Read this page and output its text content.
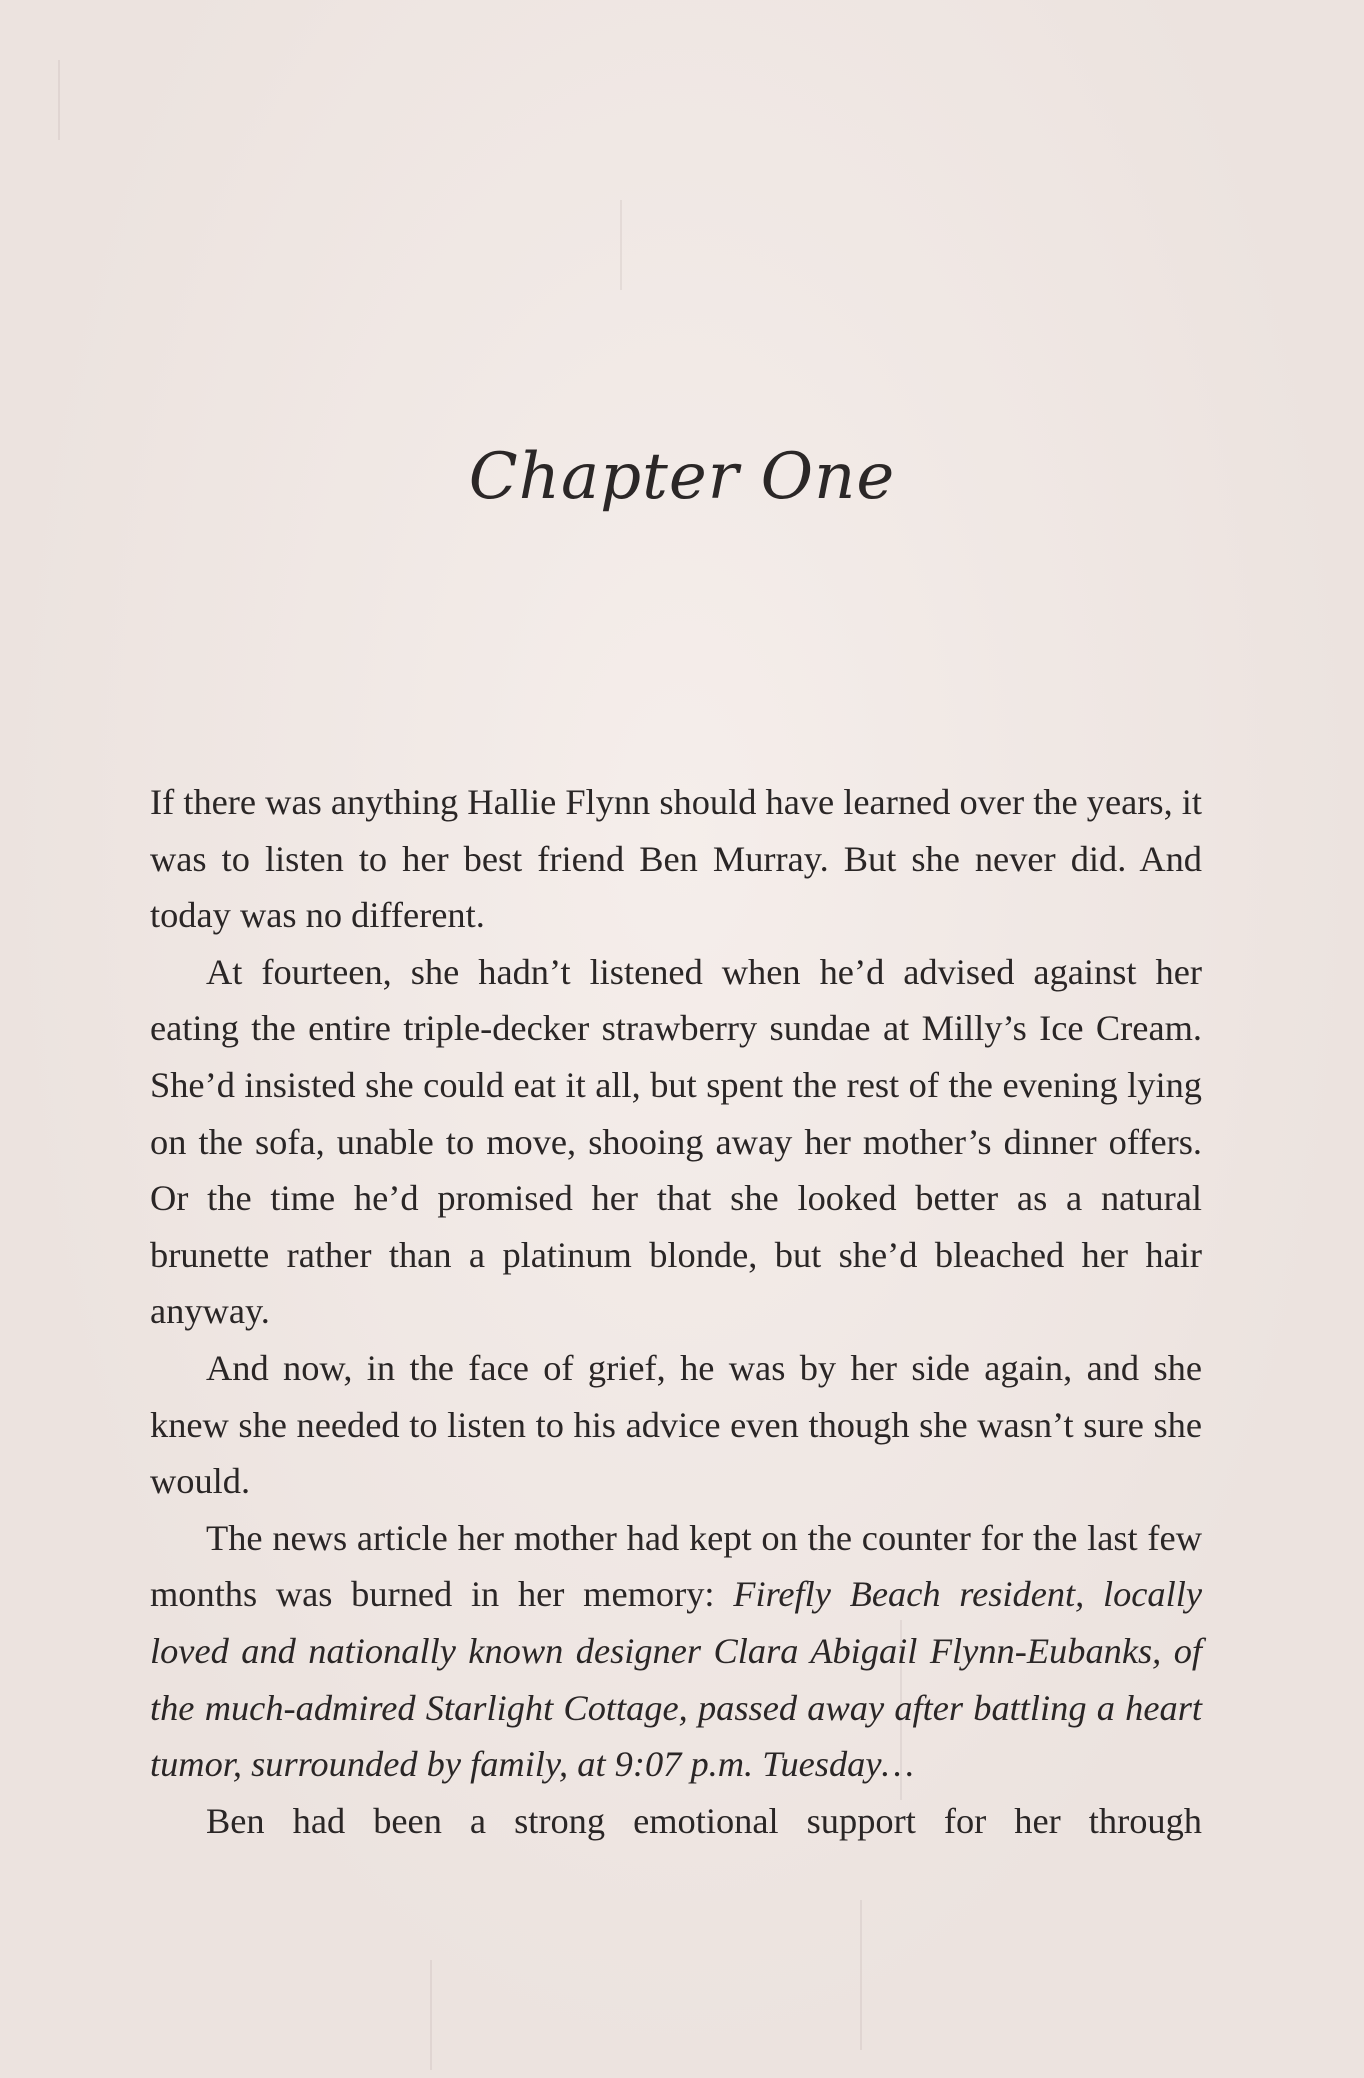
Chapter One

If there was anything Hallie Flynn should have learned over the years, it was to listen to her best friend Ben Murray. But she never did. And today was no different.

At fourteen, she hadn’t listened when he’d advised against her eating the entire triple-decker strawberry sundae at Milly’s Ice Cream. She’d insisted she could eat it all, but spent the rest of the evening lying on the sofa, unable to move, shooing away her mother’s dinner offers. Or the time he’d promised her that she looked better as a natural brunette rather than a platinum blonde, but she’d bleached her hair anyway.

And now, in the face of grief, he was by her side again, and she knew she needed to listen to his advice even though she wasn’t sure she would.

The news article her mother had kept on the counter for the last few months was burned in her memory: Firefly Beach resident, locally loved and nationally known designer Clara Abigail Flynn-Eubanks, of the much-admired Starlight Cottage, passed away after battling a heart tumor, surrounded by family, at 9:07 p.m. Tuesday…

Ben had been a strong emotional support for her through
